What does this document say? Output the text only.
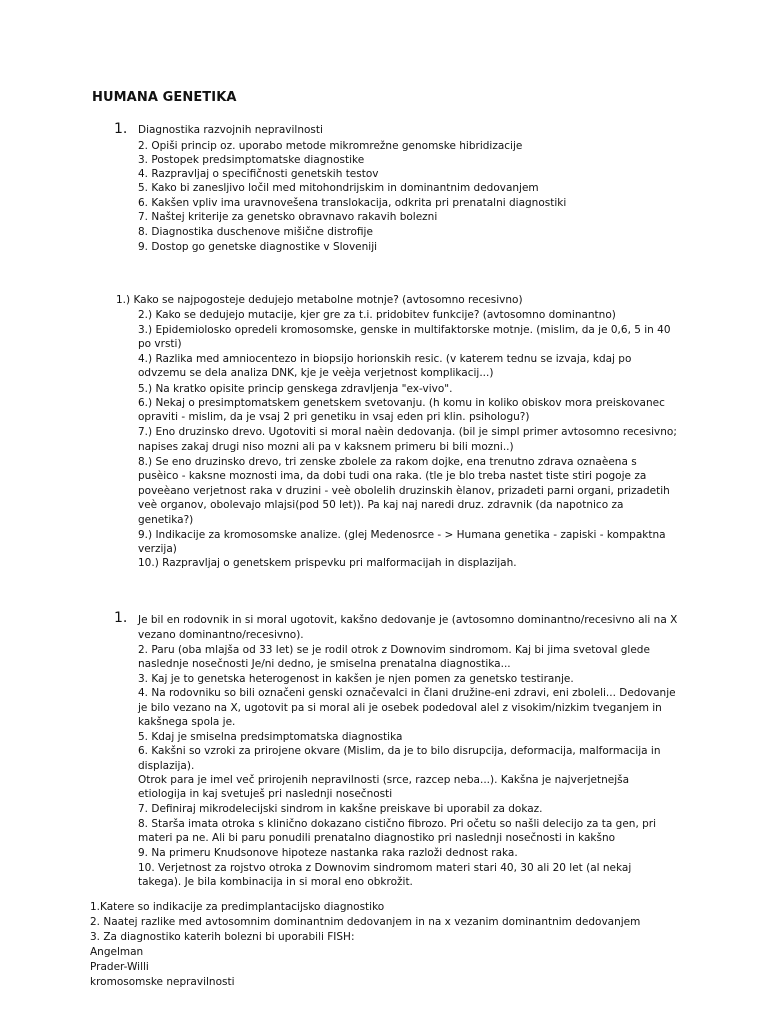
HUMANA GENETIKA
1. Diagnostika razvojnih nepravilnosti
2. Opiši princip oz. uporabo metode mikromrežne genomske hibridizacije
3. Postopek predsimptomatske diagnostike
4. Razpravljaj o specifičnosti genetskih testov
5. Kako bi zanesljivo ločil med mitohondrijskim in dominantnim dedovanjem
6. Kakšen vpliv ima uravnovešena translokacija, odkrita pri prenatalni diagnostiki
7. Naštej kriterije za genetsko obravnavo rakavih bolezni
8. Diagnostika duschenove mišične distrofije
9. Dostop go genetske diagnostike v Sloveniji
1.) Kako se najpogosteje dedujejo metabolne motnje? (avtosomno recesivno)
2.) Kako se dedujejo mutacije, kjer gre za t.i. pridobitev funkcije? (avtosomno dominantno)
3.) Epidemiolosko opredeli kromosomske, genske in multifaktorske motnje. (mislim, da je 0,6, 5 in 40
po vrsti)
4.) Razlika med amniocentezo in biopsijo horionskih resic. (v katerem tednu se izvaja, kdaj po
odvzemu se dela analiza DNK, kje je veèja verjetnost komplikacij...)
5.) Na kratko opisite princip genskega zdravljenja "ex-vivo".
6.) Nekaj o presimptomatskem genetskem svetovanju. (h komu in koliko obiskov mora preiskovanec
opraviti - mislim, da je vsaj 2 pri genetiku in vsaj eden pri klin. psihologu?)
7.) Eno druzinsko drevo. Ugotoviti si moral naèin dedovanja. (bil je simpl primer avtosomno recesivno;
napises zakaj drugi niso mozni ali pa v kaksnem primeru bi bili mozni..)
8.) Se eno druzinsko drevo, tri zenske zbolele za rakom dojke, ena trenutno zdrava oznaèena s
pusèico - kaksne moznosti ima, da dobi tudi ona raka. (tle je blo treba nastet tiste stiri pogoje za
poveèano verjetnost raka v druzini - veè obolelih druzinskih èlanov, prizadeti parni organi, prizadetih
veè organov, obolevajo mlajsi(pod 50 let)). Pa kaj naj naredi druz. zdravnik (da napotnico za
genetika?)
9.) Indikacije za kromosomske analize. (glej Medenosrce - > Humana genetika - zapiski - kompaktna
verzija)
10.) Razpravljaj o genetskem prispevku pri malformacijah in displazijah.
1. Je bil en rodovnik in si moral ugotovit, kakšno dedovanje je (avtosomno dominantno/recesivno ali na X
vezano dominantno/recesivno).
2. Paru (oba mlajša od 33 let) se je rodil otrok z Downovim sindromom. Kaj bi jima svetoval glede
naslednje nosečnosti Je/ni dedno, je smiselna prenatalna diagnostika...
3. Kaj je to genetska heterogenost in kakšen je njen pomen za genetsko testiranje.
4. Na rodovniku so bili označeni genski označevalci in člani družine-eni zdravi, eni zboleli... Dedovanje
je bilo vezano na X, ugotovit pa si moral ali je osebek podedoval alel z visokim/nizkim tveganjem in
kakšnega spola je.
5. Kdaj je smiselna predsimptomatska diagnostika
6. Kakšni so vzroki za prirojene okvare (Mislim, da je to bilo disrupcija, deformacija, malformacija in
displazija).
Otrok para je imel več prirojenih nepravilnosti (srce, razcep neba...). Kakšna je najverjetnejša
etiologija in kaj svetuješ pri naslednji nosečnosti
7. Definiraj mikrodelecijski sindrom in kakšne preiskave bi uporabil za dokaz.
8. Starša imata otroka s klinično dokazano cistično fibrozo. Pri očetu so našli delecijo za ta gen, pri
materi pa ne. Ali bi paru ponudili prenatalno diagnostiko pri naslednji nosečnosti in kakšno
9. Na primeru Knudsonove hipoteze nastanka raka razloži dednost raka.
10. Verjetnost za rojstvo otroka z Downovim sindromom materi stari 40, 30 ali 20 let (al nekaj
takega). Je bila kombinacija in si moral eno obkrožit.
1.Katere so indikacije za predimplantacijsko diagnostiko
2. Naatej razlike med avtosomnim dominantnim dedovanjem in na x vezanim dominantnim dedovanjem
3. Za diagnostiko katerih bolezni bi uporabili FISH:
Angelman
Prader-Willi
kromosomske nepravilnosti
